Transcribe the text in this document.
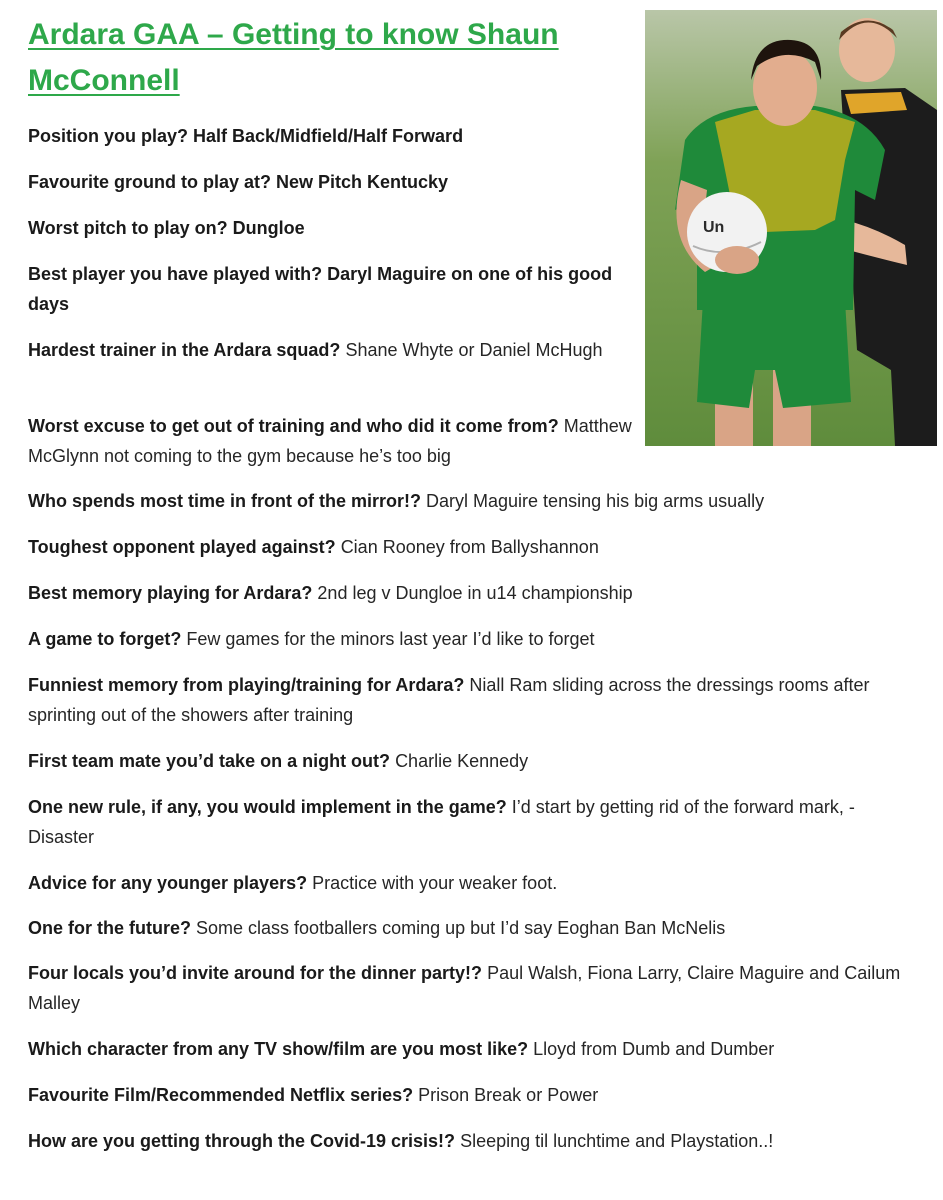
Ardara GAA – Getting to know Shaun McConnell
Un

Position you play? Half Back/Midfield/Half Forward

Favourite ground to play at? New Pitch Kentucky

Worst pitch to play on? Dungloe

Best player you have played with? Daryl Maguire on one of his good days

Hardest trainer in the Ardara squad? Shane Whyte or Daniel McHugh

Worst excuse to get out of training and who did it come from? Matthew McGlynn not coming to the gym because he’s too big

Who spends most time in front of the mirror!? Daryl Maguire tensing his big arms usually

Toughest opponent played against? Cian Rooney from Ballyshannon

Best memory playing for Ardara? 2nd leg v Dungloe in u14 championship

A game to forget? Few games for the minors last year I’d like to forget

Funniest memory from playing/training for Ardara? Niall Ram sliding across the dressings rooms after sprinting out of the showers after training

First team mate you’d take on a night out? Charlie Kennedy

One new rule, if any, you would implement in the game? I’d start by getting rid of the forward mark, -Disaster

Advice for any younger players? Practice with your weaker foot.

One for the future? Some class footballers coming up but I’d say Eoghan Ban McNelis

Four locals you’d invite around for the dinner party!? Paul Walsh, Fiona Larry, Claire Maguire and Cailum Malley

Which character from any TV show/film are you most like? Lloyd from Dumb and Dumber

Favourite Film/Recommended Netflix series? Prison Break or Power

How are you getting through the Covid-19 crisis!? Sleeping til lunchtime and Playstation..!
